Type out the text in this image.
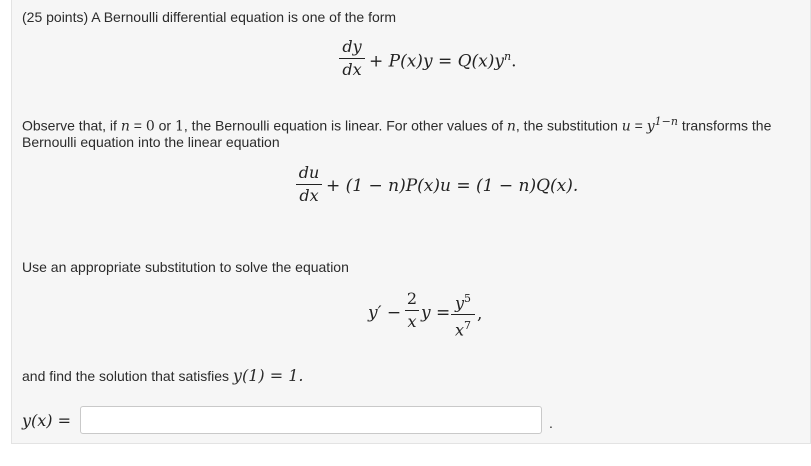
(25 points) A Bernoulli differential equation is one of the form
dy
dx + $P(x)y = Q(x)y^n$.
Observe that, if n = 0 or 1, the Bernoulli equation is linear. For other values of n, the substitution $u = y^{1-n}$ transforms the
Bernoulli equation into the linear equation
du
dx + (1 − n)P(x)u = (1 − n)Q(x).
Use an appropriate substitution to solve the equation
y′ −
2
x y =
$y^5$
$x^7$
,
and find the solution that satisfies y(1) = 1.
y(x) =	.
